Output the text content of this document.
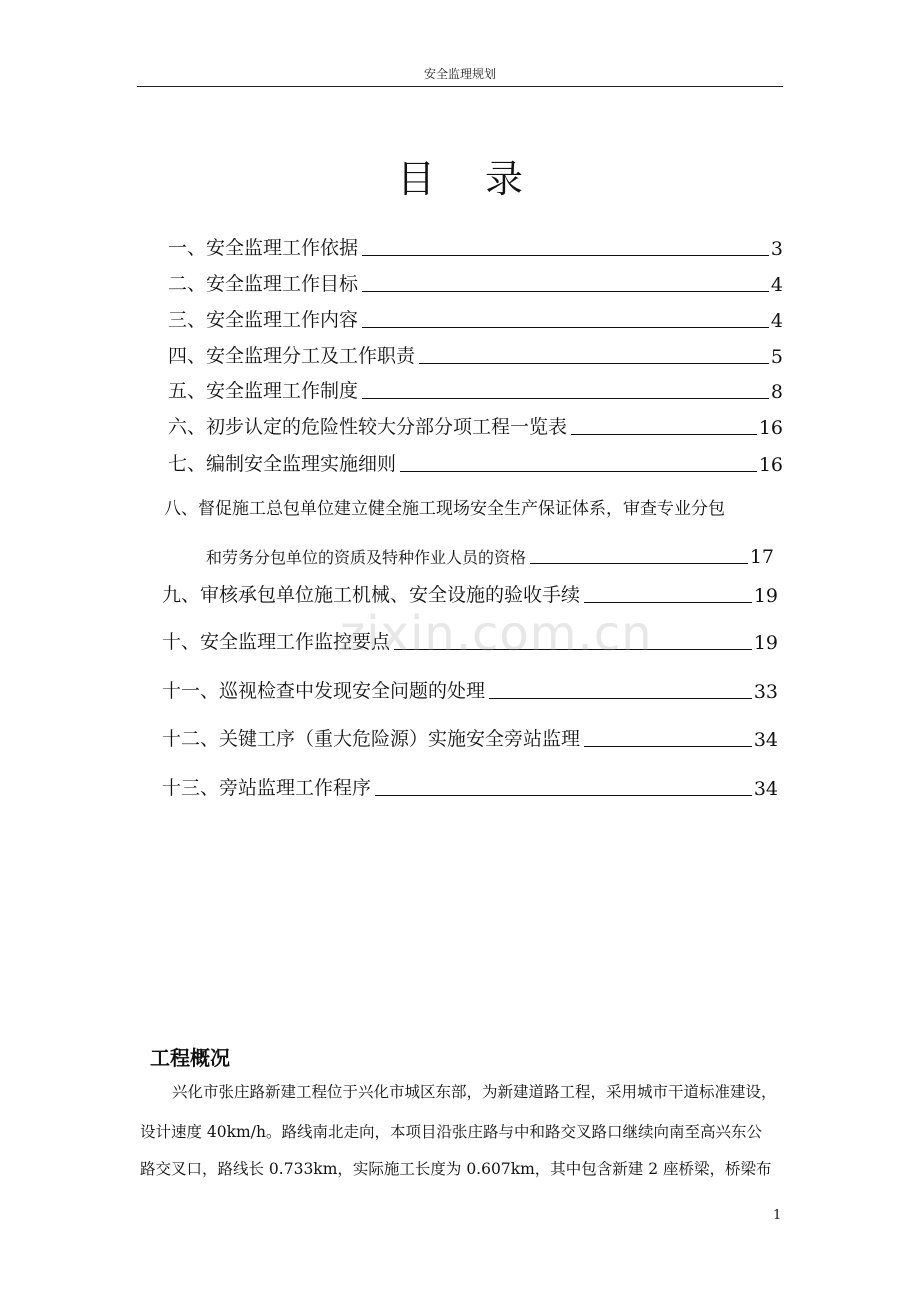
安全监理规划
目录
一、安全监理工作依据	3
二、安全监理工作目标	4
三、安全监理工作内容	4
四、安全监理分工及工作职责	5
五、安全监理工作制度	8
六、初步认定的危险性较大分部分项工程一览表	16
七、编制安全监理实施细则	16
八、督促施工总包单位建立健全施工现场安全生产保证体系，审查专业分包
和劳务分包单位的资质及特种作业人员的资格	17
九、审核承包单位施工机械、安全设施的验收手续	19
十、安全监理工作监控要点	19
十一、巡视检查中发现安全问题的处理	33
十二、关键工序（重大危险源）实施安全旁站监理	34
十三、旁站监理工作程序	34
zixin.com.cn
工程概况
兴化市张庄路新建工程位于兴化市城区东部，为新建道路工程，采用城市干道标准建设，
设计速度 40km/h。路线南北走向，本项目沿张庄路与中和路交叉路口继续向南至高兴东公
路交叉口，路线长 0.733km，实际施工长度为 0.607km，其中包含新建 2 座桥梁，桥梁布
1
